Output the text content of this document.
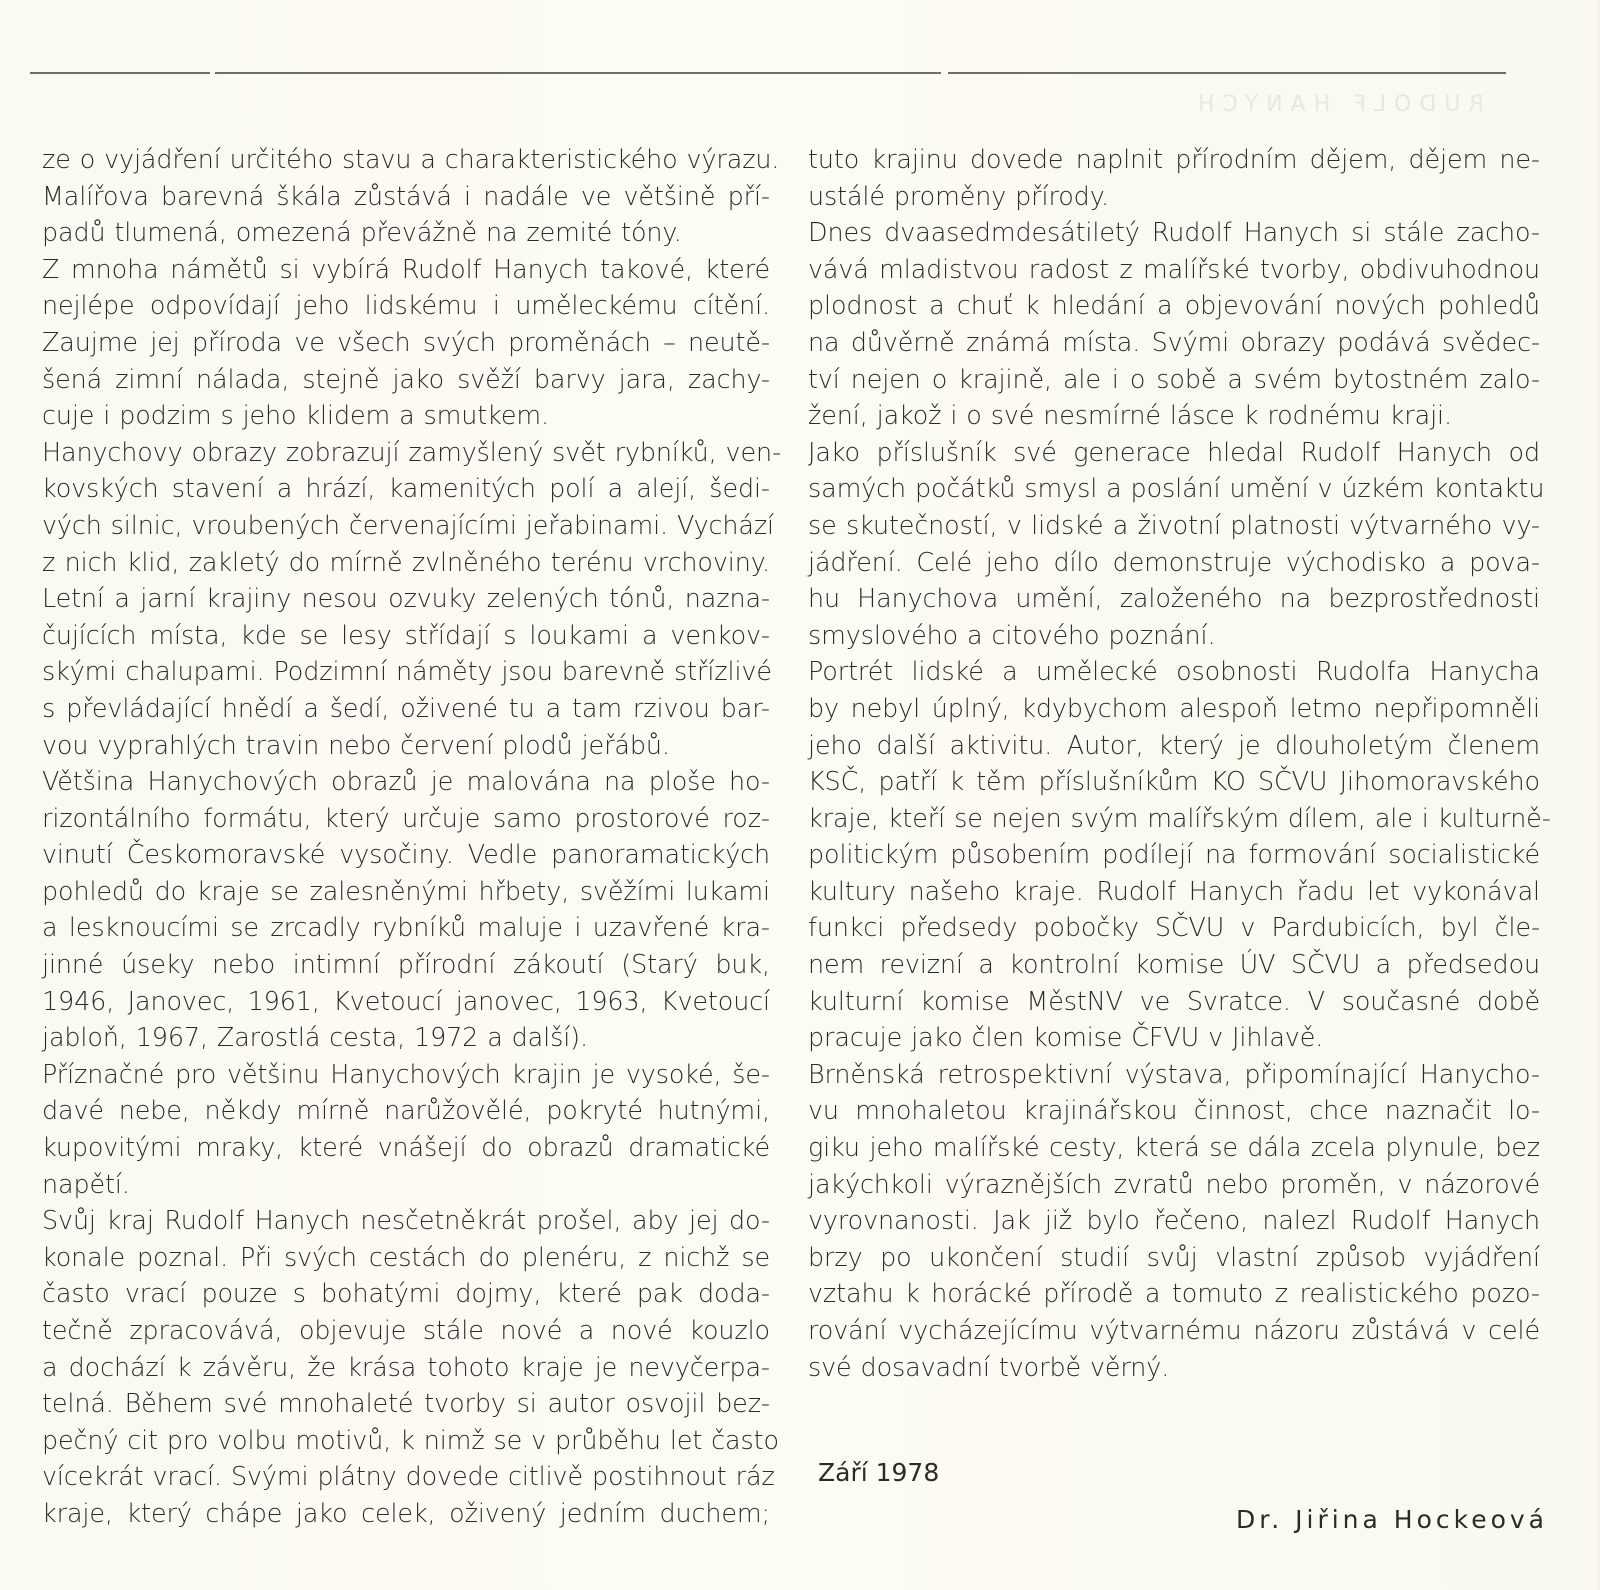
RUDOLF HANYCH
ze o vyjádření určitého stavu a charakteristického výrazu.
Malířova barevná škála zůstává i nadále ve většině pří-
padů tlumená, omezená převážně na zemité tóny.
Z mnoha námětů si vybírá Rudolf Hanych takové, které
nejlépe odpovídají jeho lidskému i uměleckému cítění.
Zaujme jej příroda ve všech svých proměnách – neutě-
šená zimní nálada, stejně jako svěží barvy jara, zachy-
cuje i podzim s jeho klidem a smutkem.
Hanychovy obrazy zobrazují zamyšlený svět rybníků, ven-
kovských stavení a hrází, kamenitých polí a alejí, šedi-
vých silnic, vroubených červenajícími jeřabinami. Vychází
z nich klid, zakletý do mírně zvlněného terénu vrchoviny.
Letní a jarní krajiny nesou ozvuky zelených tónů, nazna-
čujících místa, kde se lesy střídají s loukami a venkov-
skými chalupami. Podzimní náměty jsou barevně střízlivé
s převládající hnědí a šedí, oživené tu a tam rzivou bar-
vou vyprahlých travin nebo červení plodů jeřábů.
Většina Hanychových obrazů je malována na ploše ho-
rizontálního formátu, který určuje samo prostorové roz-
vinutí Českomoravské vysočiny. Vedle panoramatických
pohledů do kraje se zalesněnými hřbety, svěžími lukami
a lesknoucími se zrcadly rybníků maluje i uzavřené kra-
jinné úseky nebo intimní přírodní zákoutí (Starý buk,
1946, Janovec, 1961, Kvetoucí janovec, 1963, Kvetoucí
jabloň, 1967, Zarostlá cesta, 1972 a další).
Příznačné pro většinu Hanychových krajin je vysoké, še-
davé nebe, někdy mírně narůžovělé, pokryté hutnými,
kupovitými mraky, které vnášejí do obrazů dramatické
napětí.
Svůj kraj Rudolf Hanych nesčetněkrát prošel, aby jej do-
konale poznal. Při svých cestách do plenéru, z nichž se
často vrací pouze s bohatými dojmy, které pak doda-
tečně zpracovává, objevuje stále nové a nové kouzlo
a dochází k závěru, že krása tohoto kraje je nevyčerpa-
telná. Během své mnohaleté tvorby si autor osvojil bez-
pečný cit pro volbu motivů, k nimž se v průběhu let často
vícekrát vrací. Svými plátny dovede citlivě postihnout ráz
kraje, který chápe jako celek, oživený jedním duchem;
tuto krajinu dovede naplnit přírodním dějem, dějem ne-
ustálé proměny přírody.
Dnes dvaasedmdesátiletý Rudolf Hanych si stále zacho-
vává mladistvou radost z malířské tvorby, obdivuhodnou
plodnost a chuť k hledání a objevování nových pohledů
na důvěrně známá místa. Svými obrazy podává svědec-
tví nejen o krajině, ale i o sobě a svém bytostném zalo-
žení, jakož i o své nesmírné lásce k rodnému kraji.
Jako příslušník své generace hledal Rudolf Hanych od
samých počátků smysl a poslání umění v úzkém kontaktu
se skutečností, v lidské a životní platnosti výtvarného vy-
jádření. Celé jeho dílo demonstruje východisko a pova-
hu Hanychova umění, založeného na bezprostřednosti
smyslového a citového poznání.
Portrét lidské a umělecké osobnosti Rudolfa Hanycha
by nebyl úplný, kdybychom alespoň letmo nepřipomněli
jeho další aktivitu. Autor, který je dlouholetým členem
KSČ, patří k těm příslušníkům KO SČVU Jihomoravského
kraje, kteří se nejen svým malířským dílem, ale i kulturně-
politickým působením podílejí na formování socialistické
kultury našeho kraje. Rudolf Hanych řadu let vykonával
funkci předsedy pobočky SČVU v Pardubicích, byl čle-
nem revizní a kontrolní komise ÚV SČVU a předsedou
kulturní komise MěstNV ve Svratce. V současné době
pracuje jako člen komise ČFVU v Jihlavě.
Brněnská retrospektivní výstava, připomínající Hanycho-
vu mnohaletou krajinářskou činnost, chce naznačit lo-
giku jeho malířské cesty, která se dála zcela plynule, bez
jakýchkoli výraznějších zvratů nebo proměn, v názorové
vyrovnanosti. Jak již bylo řečeno, nalezl Rudolf Hanych
brzy po ukončení studií svůj vlastní způsob vyjádření
vztahu k horácké přírodě a tomuto z realistického pozo-
rování vycházejícímu výtvarnému názoru zůstává v celé
své dosavadní tvorbě věrný.
Září 1978
Dr. Jiřina Hockeová
